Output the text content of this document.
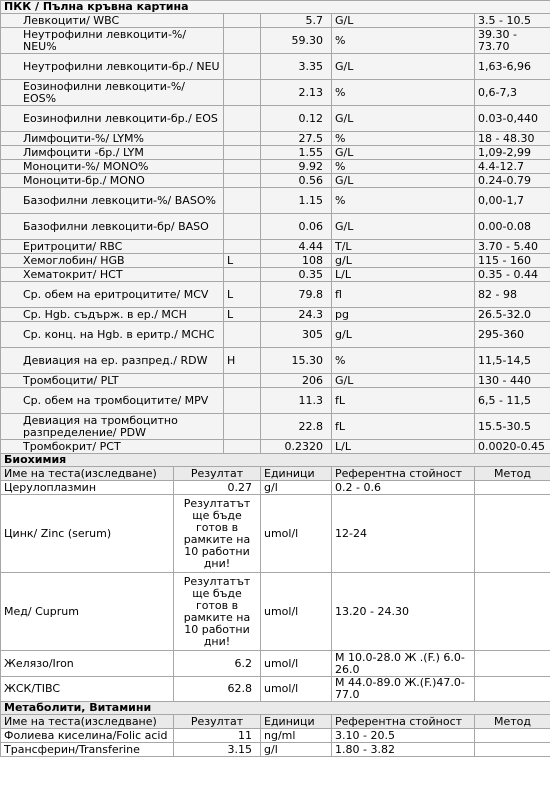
ПКК / Пълна кръвна картина					
Левкоцити/ WBC			5.7	G/L	3.5 - 10.5
Неутрофилни левкоцити-%/ NEU%			59.30	%	39.30 - 73.70
Неутрофилни левкоцити-бр./ NEU			3.35	G/L	1,63-6,96
Еозинофилни левкоцити-%/ EOS%			2.13	%	0,6-7,3
Еозинофилни левкоцити-бр./ EOS			0.12	G/L	0.03-0,440
Лимфоцити-%/ LYM%			27.5	%	18 - 48.30
Лимфоцити -бр./ LYM			1.55	G/L	1,09-2,99
Моноцити-%/ MONO%			9.92	%	4.4-12.7
Моноцити-бр./ MONO			0.56	G/L	0.24-0.79
Базофилни левкоцити-%/ BASO%			1.15	%	0,00-1,7
Базофилни левкоцити-бр/ BASO			0.06	G/L	0.00-0.08
Еритроцити/ RBC			4.44	T/L	3.70 - 5.40
Хемоглобин/ HGB		L	108	g/L	115 - 160
Хематокрит/ HCT			0.35	L/L	0.35 - 0.44
Ср. обем на еритроцитите/ MCV		L	79.8	fl	82 - 98
Ср. Hgb. съдърж. в ер./ MCH		L	24.3	pg	26.5-32.0
Ср. конц. на Hgb. в еритр./ MCHC			305	g/L	295-360
Девиация на ер. разпред./ RDW		H	15.30	%	11,5-14,5
Тромбоцити/ PLT			206	G/L	130 - 440
Ср. обем на тромбоцитите/ MPV			11.3	fL	6,5 - 11,5
Девиация на тромбоцитно разпределение/ PDW			22.8	fL	15.5-30.5
Тромбокрит/ PCT			0.2320	L/L	0.0020-0.45
Биохимия					
Име на теста(изследване)	Резултат		Единици	Референтна стойност	Метод
Церулоплазмин	0.27		g/l	0.2 - 0.6	
Цинк/ Zinc (serum)	Резултатът ще бъде готов в рамките на 10 работни дни!		umol/l	12-24	
Мед/ Cuprum	Резултатът ще бъде готов в рамките на 10 работни дни!		umol/l	13.20 - 24.30	
Желязо/Iron	6.2		umol/l	М 10.0-28.0 Ж .(F.) 6.0-26.0	
ЖСК/TIBC	62.8		umol/l	М 44.0-89.0 Ж.(F.)47.0-77.0	
Метаболити, Витамини					
Име на теста(изследване)	Резултат		Единици	Референтна стойност	Метод
Фолиева киселина/Folic acid	11		ng/ml	3.10 - 20.5	
Трансферин/Transferine	3.15		g/l	1.80 - 3.82	
